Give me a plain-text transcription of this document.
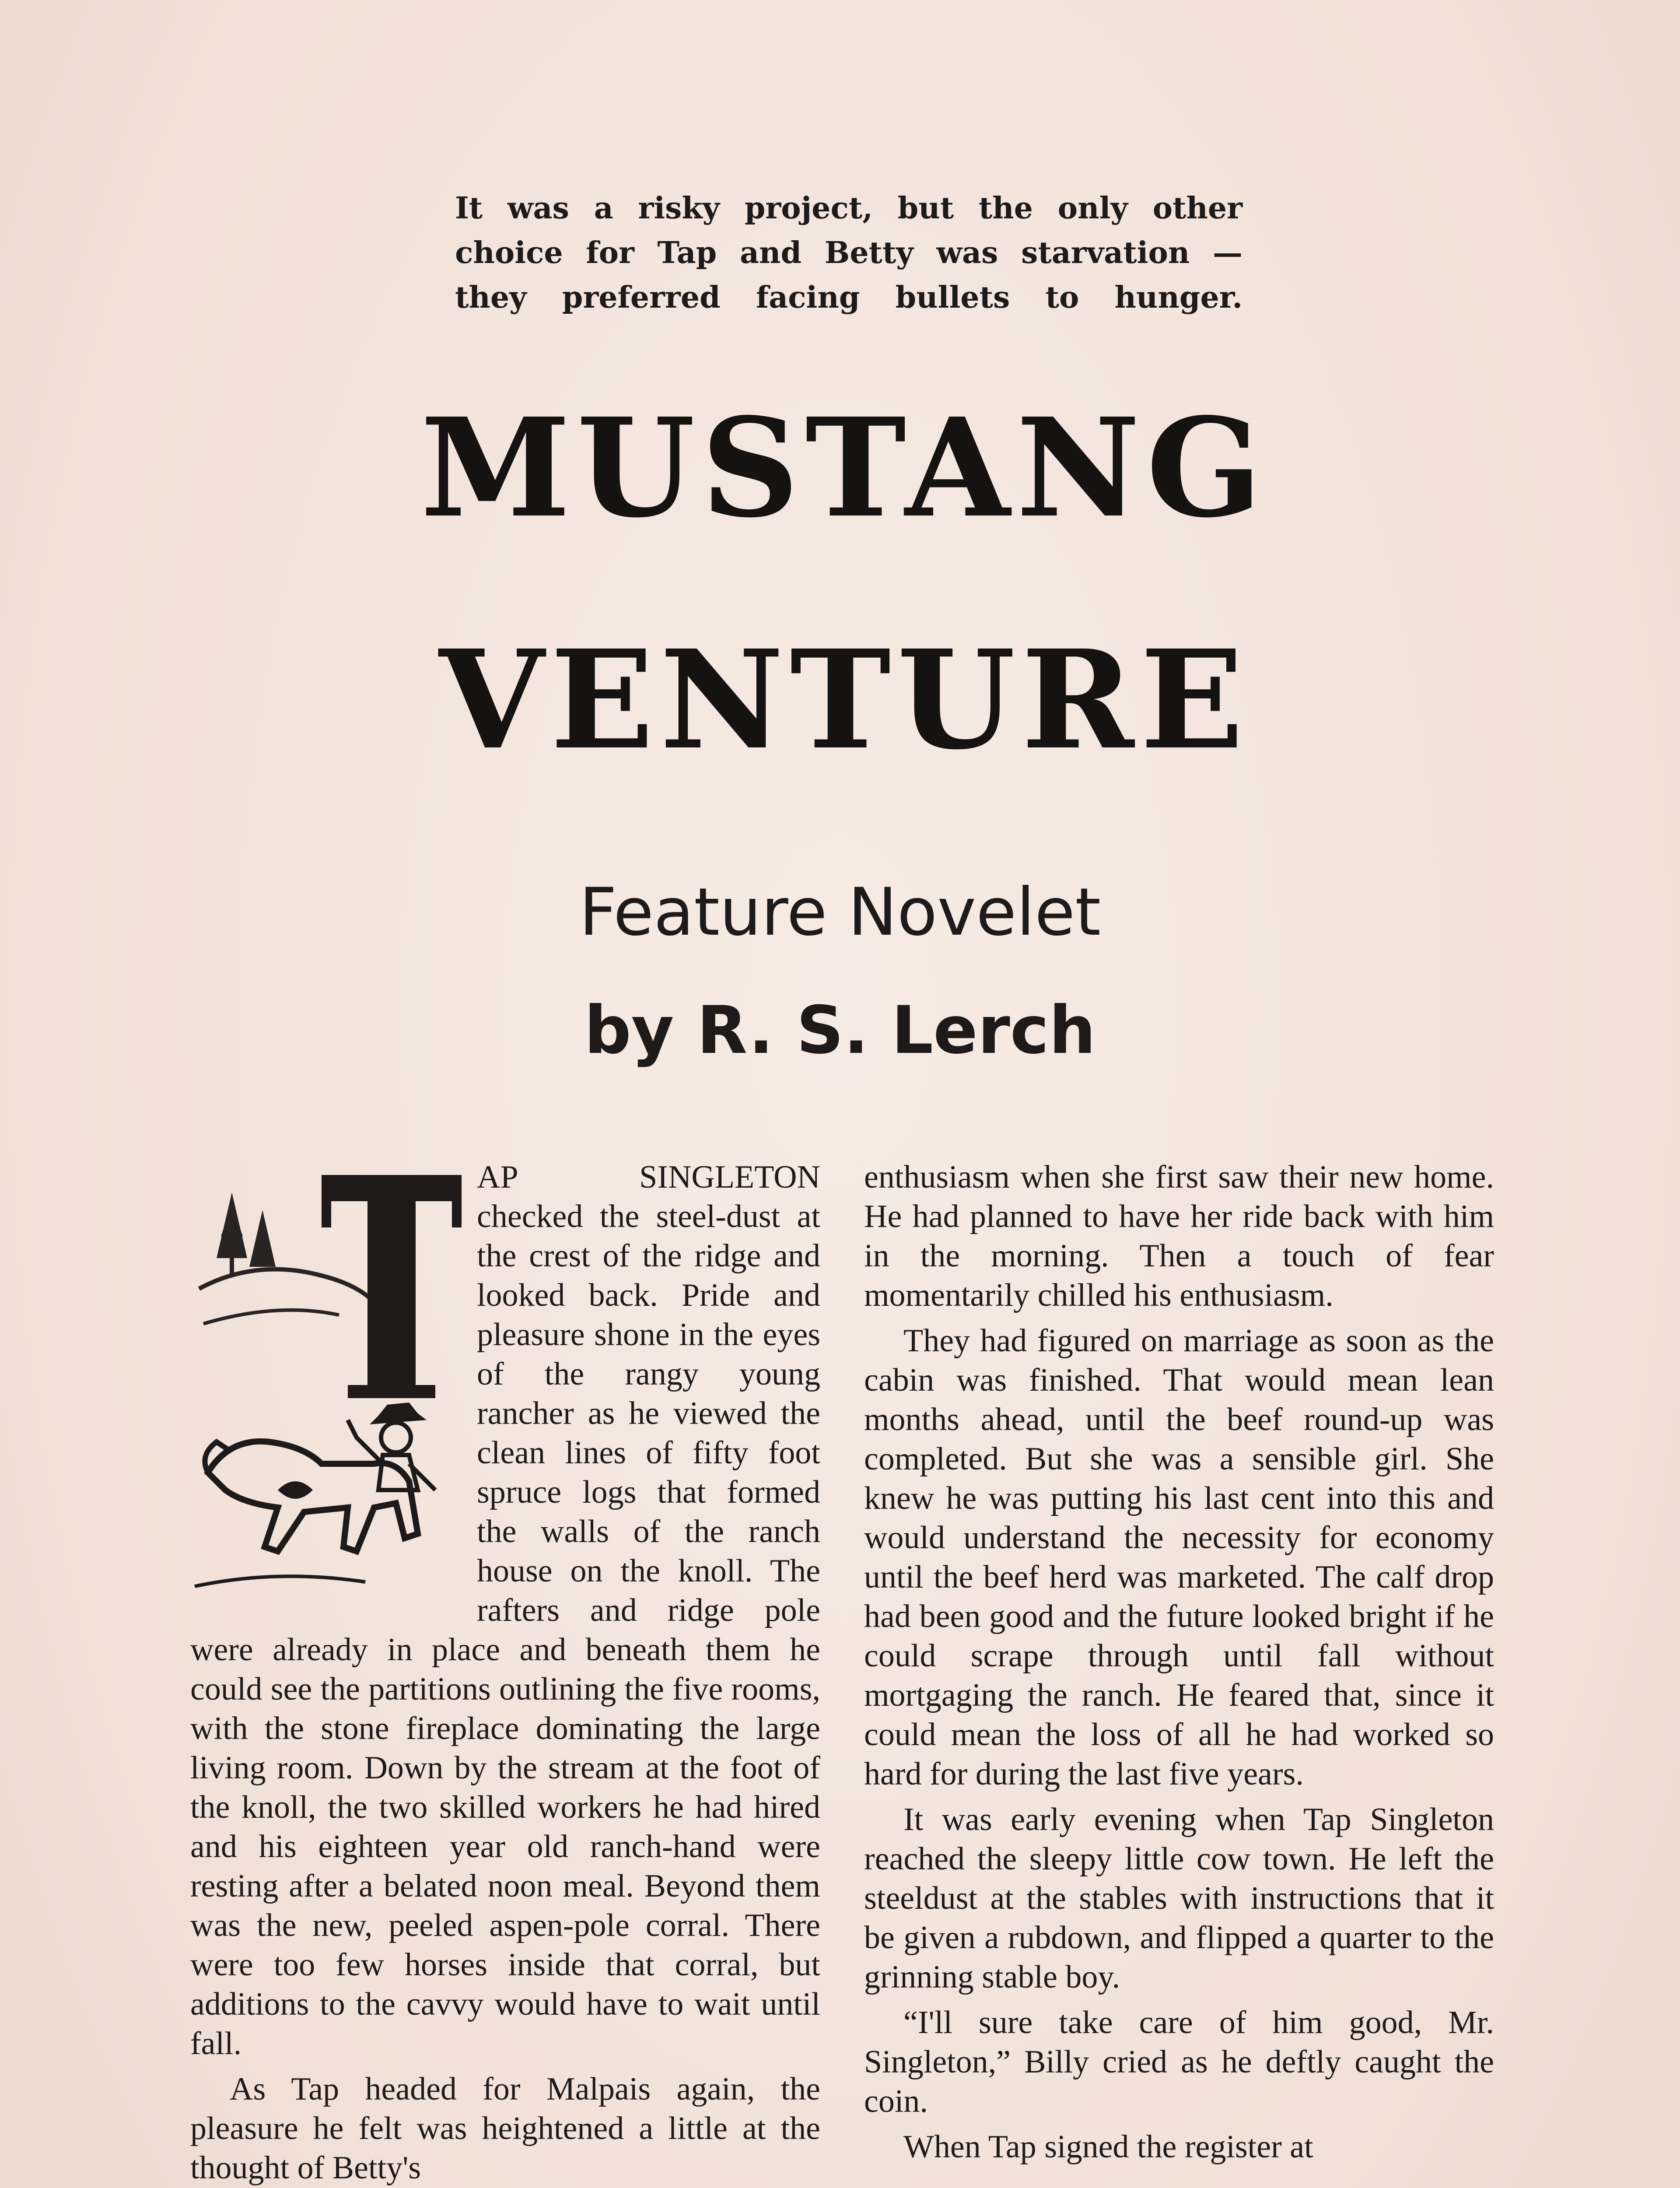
It was a risky project, but the only other
choice for Tap and Betty was starvation —
they preferred facing bullets to hunger.
MUSTANG
VENTURE
Feature Novelet
by R. S. Lerch
T

AP SINGLETON checked the steel-dust at the crest of the ridge and looked back. Pride and pleasure shone in the eyes of the rangy young rancher as he viewed the clean lines of fifty foot spruce logs that formed the walls of the ranch house on the knoll. The rafters and ridge pole were already in place and beneath them he could see the partitions outlining the five rooms, with the stone fireplace dominating the large living room. Down by the stream at the foot of the knoll, the two skilled workers he had hired and his eighteen year old ranch-hand were resting after a belated noon meal. Beyond them was the new, peeled aspen-pole corral. There were too few horses inside that corral, but additions to the cavvy would have to wait until fall.

As Tap headed for Malpais again, the pleasure he felt was heightened a little at the thought of Betty's

enthusiasm when she first saw their new home. He had planned to have her ride back with him in the morning. Then a touch of fear momentarily chilled his enthusiasm.

They had figured on marriage as soon as the cabin was finished. That would mean lean months ahead, until the beef round-up was completed. But she was a sensible girl. She knew he was putting his last cent into this and would understand the necessity for economy until the beef herd was marketed. The calf drop had been good and the future looked bright if he could scrape through until fall without mortgaging the ranch. He feared that, since it could mean the loss of all he had worked so hard for during the last five years.

It was early evening when Tap Singleton reached the sleepy little cow town. He left the steeldust at the stables with instructions that it be given a rubdown, and flipped a quarter to the grinning stable boy.

“I'll sure take care of him good, Mr. Singleton,” Billy cried as he deftly caught the coin.

When Tap signed the register at
